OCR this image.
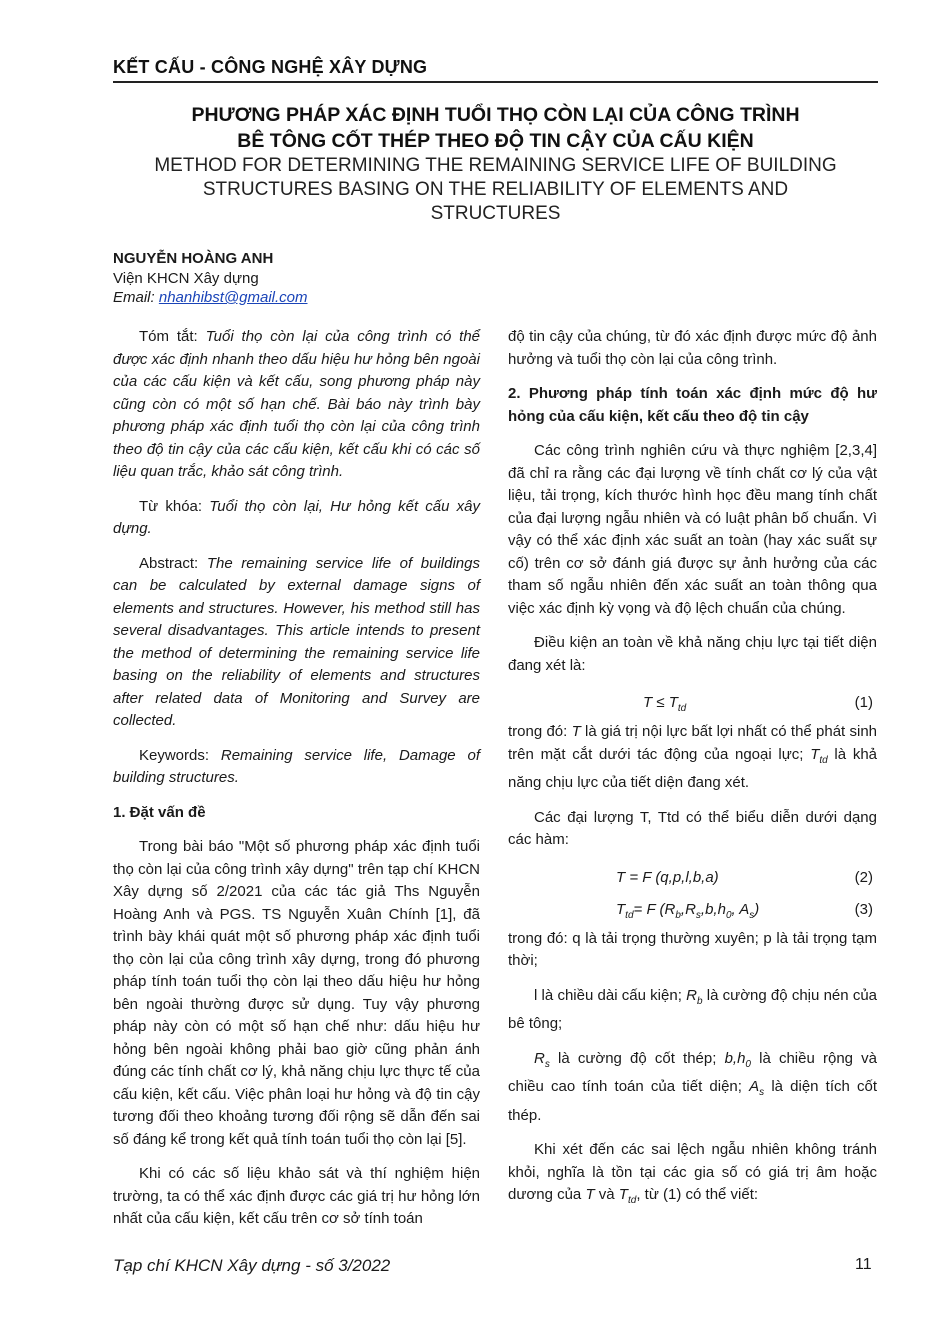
KẾT CẤU - CÔNG NGHỆ XÂY DỰNG
PHƯƠNG PHÁP XÁC ĐỊNH TUỔI THỌ CÒN LẠI CỦA CÔNG TRÌNH
BÊ TÔNG CỐT THÉP THEO ĐỘ TIN CẬY CỦA CẤU KIỆN
METHOD FOR DETERMINING THE REMAINING SERVICE LIFE OF BUILDING
STRUCTURES BASING ON THE RELIABILITY OF ELEMENTS AND
STRUCTURES
NGUYỄN HOÀNG ANH
Viện KHCN Xây dựng
Email: nhanhibst@gmail.com

Tóm tắt: Tuổi thọ còn lại của công trình có thể được xác định nhanh theo dấu hiệu hư hỏng bên ngoài của các cấu kiện và kết cấu, song phương pháp này cũng còn có một số hạn chế. Bài báo này trình bày phương pháp xác định tuổi thọ còn lại của công trình theo độ tin cậy của các cấu kiện, kết cấu khi có các số liệu quan trắc, khảo sát công trình.

Từ khóa: Tuổi thọ còn lại, Hư hỏng kết cấu xây dựng.

Abstract: The remaining service life of buildings can be calculated by external damage signs of elements and structures. However, his method still has several disadvantages. This article intends to present the method of determining the remaining service life basing on the reliability of elements and structures after related data of Monitoring and Survey are collected.

Keywords: Remaining service life, Damage of building structures.

1. Đặt vấn đề

Trong bài báo "Một số phương pháp xác định tuổi thọ còn lại của công trình xây dựng" trên tạp chí KHCN Xây dựng số 2/2021 của các tác giả Ths Nguyễn Hoàng Anh và PGS. TS Nguyễn Xuân Chính [1], đã trình bày khái quát một số phương pháp xác định tuổi thọ còn lại của công trình xây dựng, trong đó phương pháp tính toán tuổi thọ còn lại theo dấu hiệu hư hỏng bên ngoài thường được sử dụng. Tuy vậy phương pháp này còn có một số hạn chế như: dấu hiệu hư hỏng bên ngoài không phải bao giờ cũng phản ánh đúng các tính chất cơ lý, khả năng chịu lực thực tế của cấu kiện, kết cấu. Việc phân loại hư hỏng và độ tin cậy tương đối theo khoảng tương đối rộng sẽ dẫn đến sai số đáng kể trong kết quả tính toán tuổi thọ còn lại [5].

Khi có các số liệu khảo sát và thí nghiệm hiện trường, ta có thể xác định được các giá trị hư hỏng lớn nhất của cấu kiện, kết cấu trên cơ sở tính toán

độ tin cậy của chúng, từ đó xác định được mức độ ảnh hưởng và tuổi thọ còn lại của công trình.

2. Phương pháp tính toán xác định mức độ hư hỏng của cấu kiện, kết cấu theo độ tin cậy

Các công trình nghiên cứu và thực nghiệm [2,3,4] đã chỉ ra rằng các đại lượng về tính chất cơ lý của vật liệu, tải trọng, kích thước hình học đều mang tính chất của đại lượng ngẫu nhiên và có luật phân bố chuẩn. Vì vậy có thể xác định xác suất an toàn (hay xác suất sự cố) trên cơ sở đánh giá được sự ảnh hưởng của các tham số ngẫu nhiên đến xác suất an toàn thông qua việc xác định kỳ vọng và độ lệch chuẩn của chúng.

Điều kiện an toàn về khả năng chịu lực tại tiết diện đang xét là:

$T \le T_{td}$	(1)

trong đó: T là giá trị nội lực bất lợi nhất có thể phát sinh trên mặt cắt dưới tác động của ngoại lực; $T_{td}$ là khả năng chịu lực của tiết diện đang xét.

Các đại lượng T, Ttd có thể biểu diễn dưới dạng các hàm:

T = F (q,p,l,b,a)	(2)
$T_{td}= F$ ($R_b,R_s,b,h_0$, $A_s$)	(3)

trong đó: q là tải trọng thường xuyên; p là tải trọng tạm thời;

l là chiều dài cấu kiện; $R_b$ là cường độ chịu nén của bê tông;

$R_s$ là cường độ cốt thép; $b,h_0$ là chiều rộng và chiều cao tính toán của tiết diện; $A_s$ là diện tích cốt thép.

Khi xét đến các sai lệch ngẫu nhiên không tránh khỏi, nghĩa là tồn tại các gia số có giá trị âm hoặc dương của T và $T_{td}$, từ (1) có thể viết:

Tạp chí KHCN Xây dựng - số 3/2022	11
